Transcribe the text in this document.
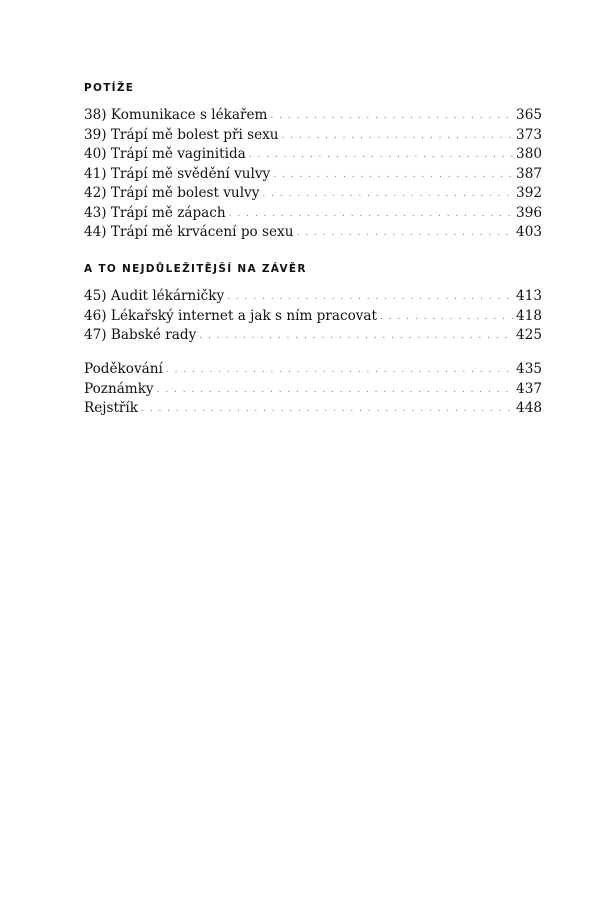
POTÍŽE
38) Komunikace s lékařem . . .	365
39) Trápí mě bolest při sexu . . .	373
40) Trápí mě vaginitida . . .	380
41) Trápí mě svědění vulvy . . .	387
42) Trápí mě bolest vulvy . . .	392
43) Trápí mě zápach . . .	396
44) Trápí mě krvácení po sexu . . .	403
A TO NEJDŮLEŽITĚJŠÍ NA ZÁVĚR
45) Audit lékárničky . . .	413
46) Lékařský internet a jak s ním pracovat . . .	418
47) Babské rady . . .	425
Poděkování . . .	435
Poznámky . . .	437
Rejstřík . . .	448
